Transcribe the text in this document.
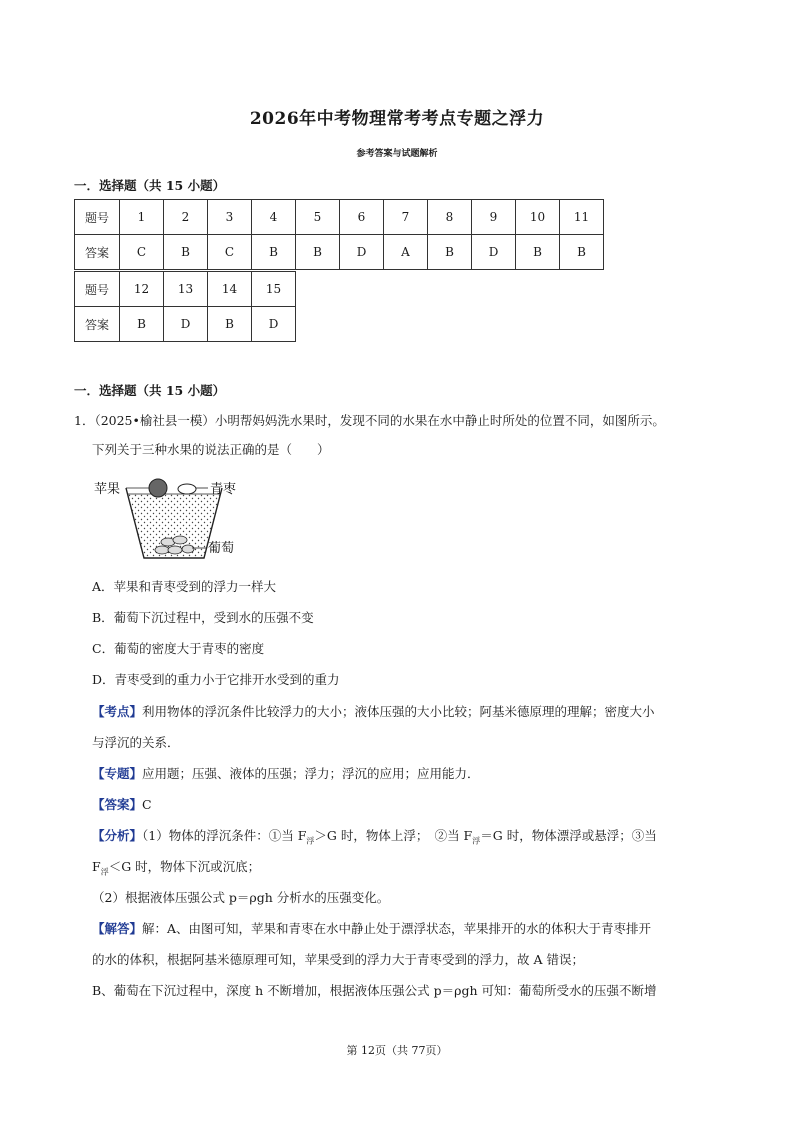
2026年中考物理常考考点专题之浮力
参考答案与试题解析
一．选择题（共 15 小题）
题号	1	2	3	4	5	6	7	8	9	10	11
答案	C	B	C	B	B	D	A	B	D	B	B
题号	12	13	14	15
答案	B	D	B	D
一．选择题（共 15 小题）
1．（2025•榆社县一模）小明帮妈妈洗水果时，发现不同的水果在水中静止时所处的位置不同，如图所示。
下列关于三种水果的说法正确的是（　　）
苹果	青枣
葡萄
A．苹果和青枣受到的浮力一样大
B．葡萄下沉过程中，受到水的压强不变
C．葡萄的密度大于青枣的密度
D．青枣受到的重力小于它排开水受到的重力
【考点】利用物体的浮沉条件比较浮力的大小；液体压强的大小比较；阿基米德原理的理解；密度大小
与浮沉的关系．
【专题】应用题；压强、液体的压强；浮力；浮沉的应用；应用能力．
【答案】C
【分析】（1）物体的浮沉条件：①当 $F_浮>G$ 时，物体上浮；　②当 $F_浮=G$ 时，物体漂浮或悬浮；③当
$F_浮<G$ 时，物体下沉或沉底；
（2）根据液体压强公式 p＝ρgh 分析水的压强变化。
【解答】解：A、由图可知，苹果和青枣在水中静止处于漂浮状态，苹果排开的水的体积大于青枣排开
的水的体积，根据阿基米德原理可知，苹果受到的浮力大于青枣受到的浮力，故 A 错误；
B、葡萄在下沉过程中，深度 h 不断增加，根据液体压强公式 p＝ρgh 可知：葡萄所受水的压强不断增
第 12页（共 77页）
